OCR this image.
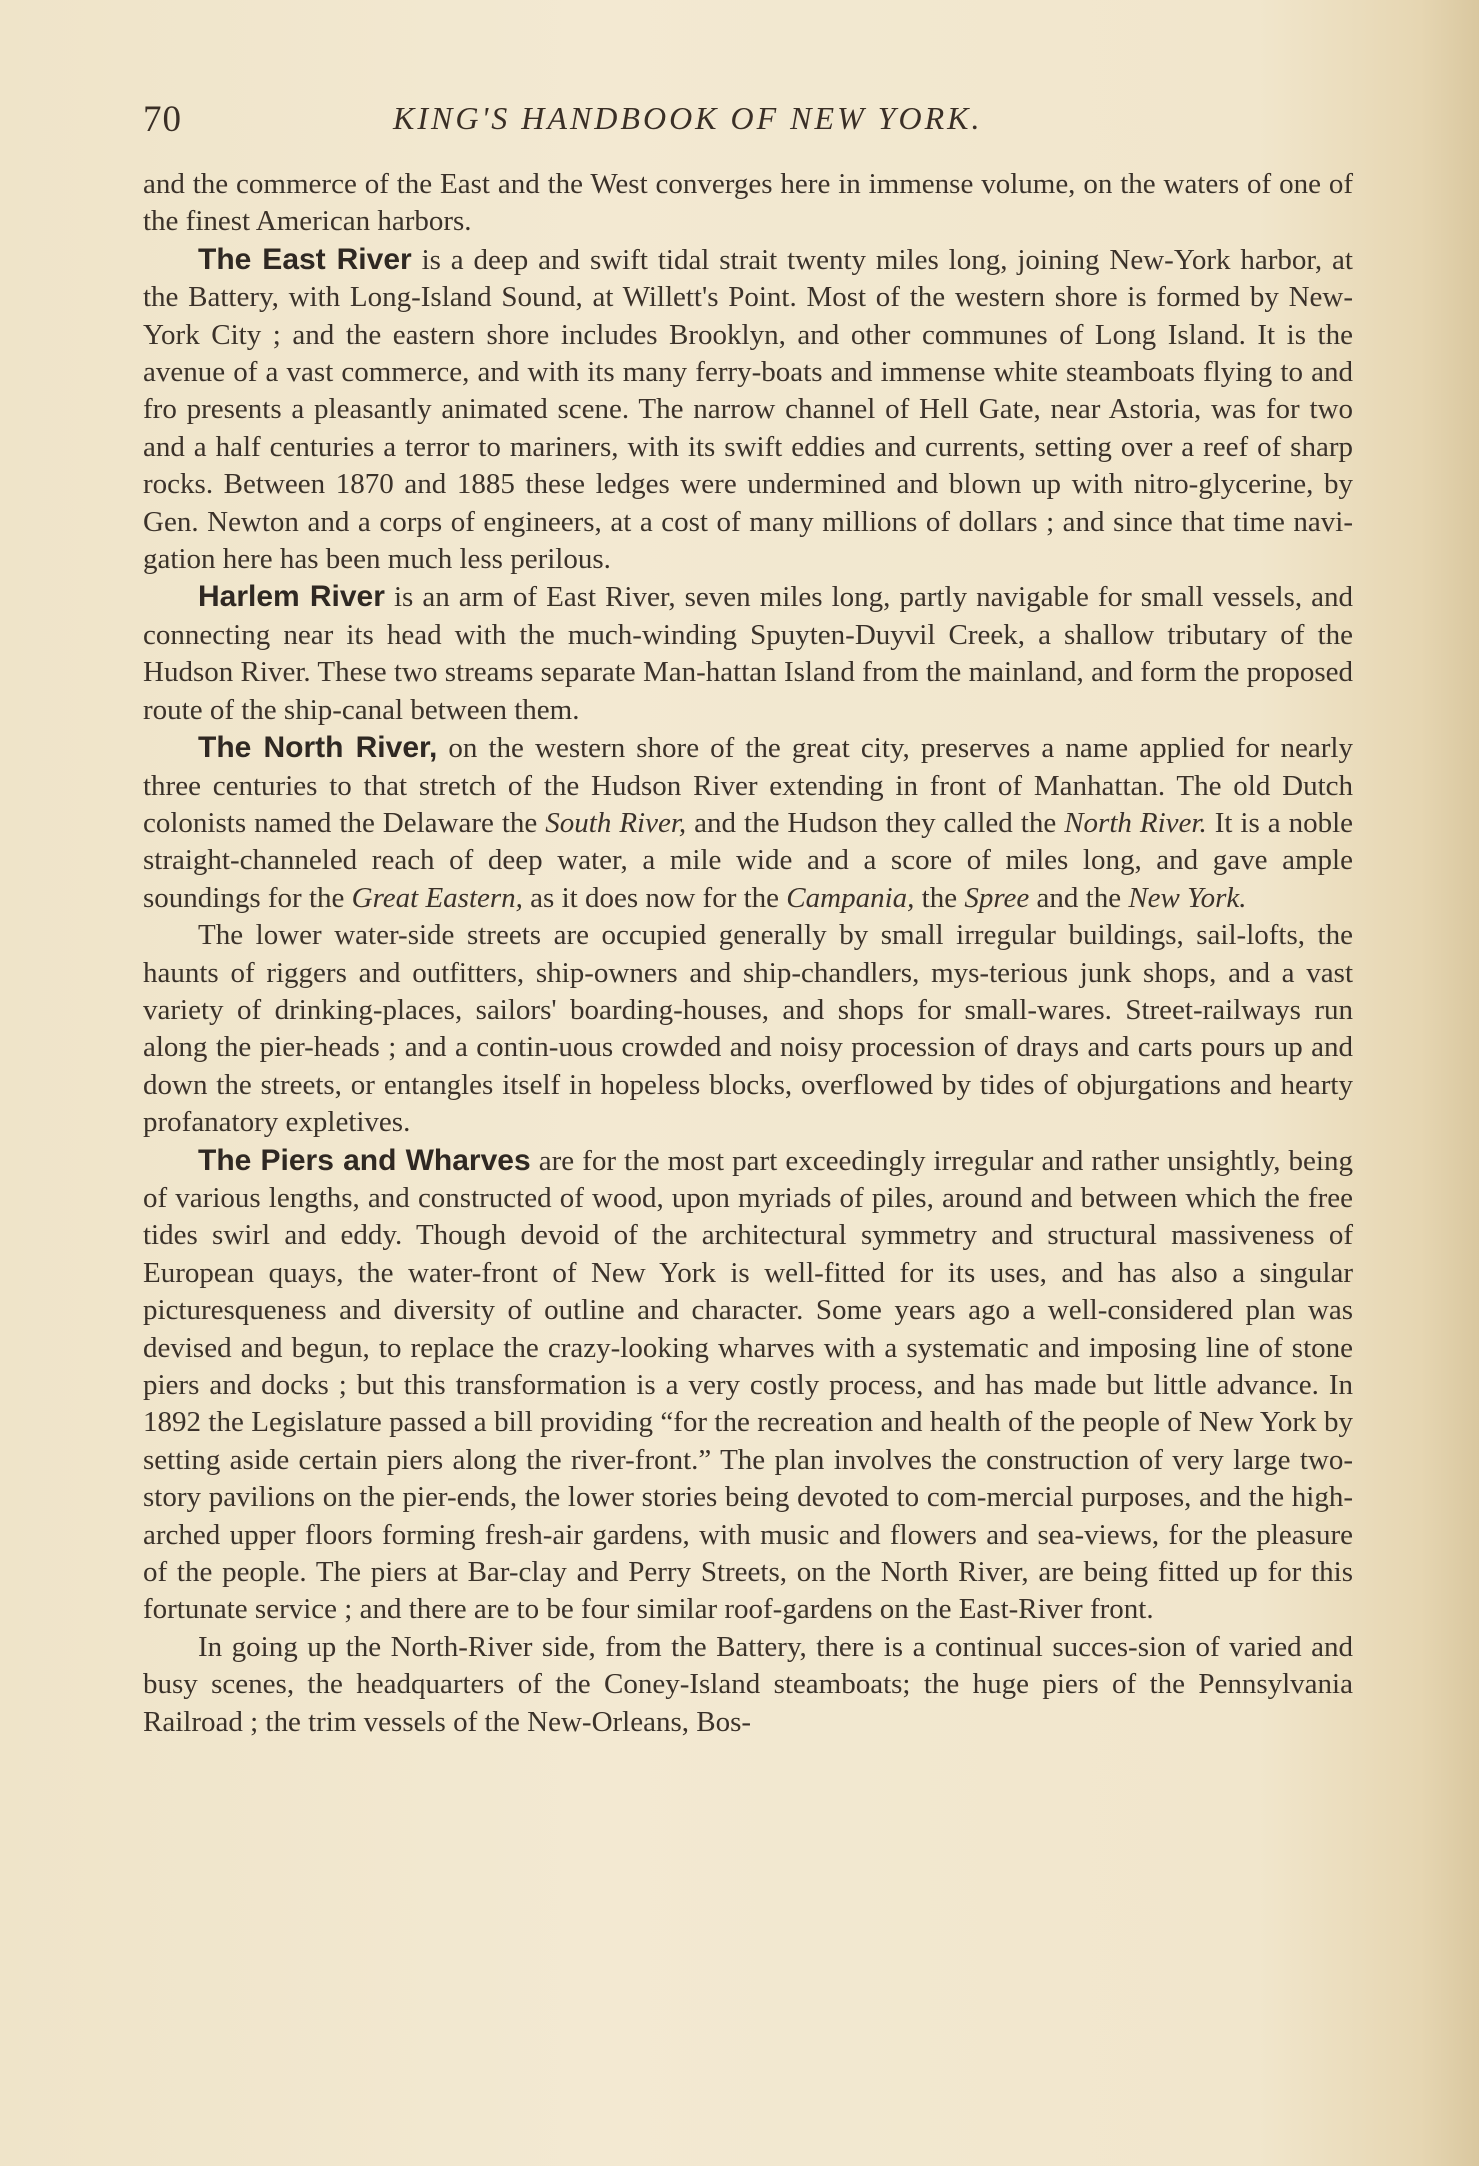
70	KING'S HANDBOOK OF NEW YORK.

and the commerce of the East and the West converges here in immense volume, on the waters of one of the finest American harbors.

The East River is a deep and swift tidal strait twenty miles long, joining New-York harbor, at the Battery, with Long-Island Sound, at Willett's Point. Most of the western shore is formed by New-York City ; and the eastern shore includes Brooklyn, and other communes of Long Island. It is the avenue of a vast commerce, and with its many ferry-boats and immense white steamboats flying to and fro presents a pleasantly animated scene. The narrow channel of Hell Gate, near Astoria, was for two and a half centuries a terror to mariners, with its swift eddies and currents, setting over a reef of sharp rocks. Between 1870 and 1885 these ledges were undermined and blown up with nitro-glycerine, by Gen. Newton and a corps of engineers, at a cost of many millions of dollars ; and since that time navi-gation here has been much less perilous.

Harlem River is an arm of East River, seven miles long, partly navigable for small vessels, and connecting near its head with the much-winding Spuyten-Duyvil Creek, a shallow tributary of the Hudson River. These two streams separate Man-hattan Island from the mainland, and form the proposed route of the ship-canal between them.

The North River, on the western shore of the great city, preserves a name applied for nearly three centuries to that stretch of the Hudson River extending in front of Manhattan. The old Dutch colonists named the Delaware the South River, and the Hudson they called the North River. It is a noble straight-channeled reach of deep water, a mile wide and a score of miles long, and gave ample soundings for the Great Eastern, as it does now for the Campania, the Spree and the New York.

The lower water-side streets are occupied generally by small irregular buildings, sail-lofts, the haunts of riggers and outfitters, ship-owners and ship-chandlers, mys-terious junk shops, and a vast variety of drinking-places, sailors' boarding-houses, and shops for small-wares. Street-railways run along the pier-heads ; and a contin-uous crowded and noisy procession of drays and carts pours up and down the streets, or entangles itself in hopeless blocks, overflowed by tides of objurgations and hearty profanatory expletives.

The Piers and Wharves are for the most part exceedingly irregular and rather unsightly, being of various lengths, and constructed of wood, upon myriads of piles, around and between which the free tides swirl and eddy. Though devoid of the architectural symmetry and structural massiveness of European quays, the water-front of New York is well-fitted for its uses, and has also a singular picturesqueness and diversity of outline and character. Some years ago a well-considered plan was devised and begun, to replace the crazy-looking wharves with a systematic and imposing line of stone piers and docks ; but this transformation is a very costly process, and has made but little advance. In 1892 the Legislature passed a bill providing “for the recreation and health of the people of New York by setting aside certain piers along the river-front.” The plan involves the construction of very large two-story pavilions on the pier-ends, the lower stories being devoted to com-mercial purposes, and the high-arched upper floors forming fresh-air gardens, with music and flowers and sea-views, for the pleasure of the people. The piers at Bar-clay and Perry Streets, on the North River, are being fitted up for this fortunate service ; and there are to be four similar roof-gardens on the East-River front.

In going up the North-River side, from the Battery, there is a continual succes-sion of varied and busy scenes, the headquarters of the Coney-Island steamboats; the huge piers of the Pennsylvania Railroad ; the trim vessels of the New-Orleans, Bos-
